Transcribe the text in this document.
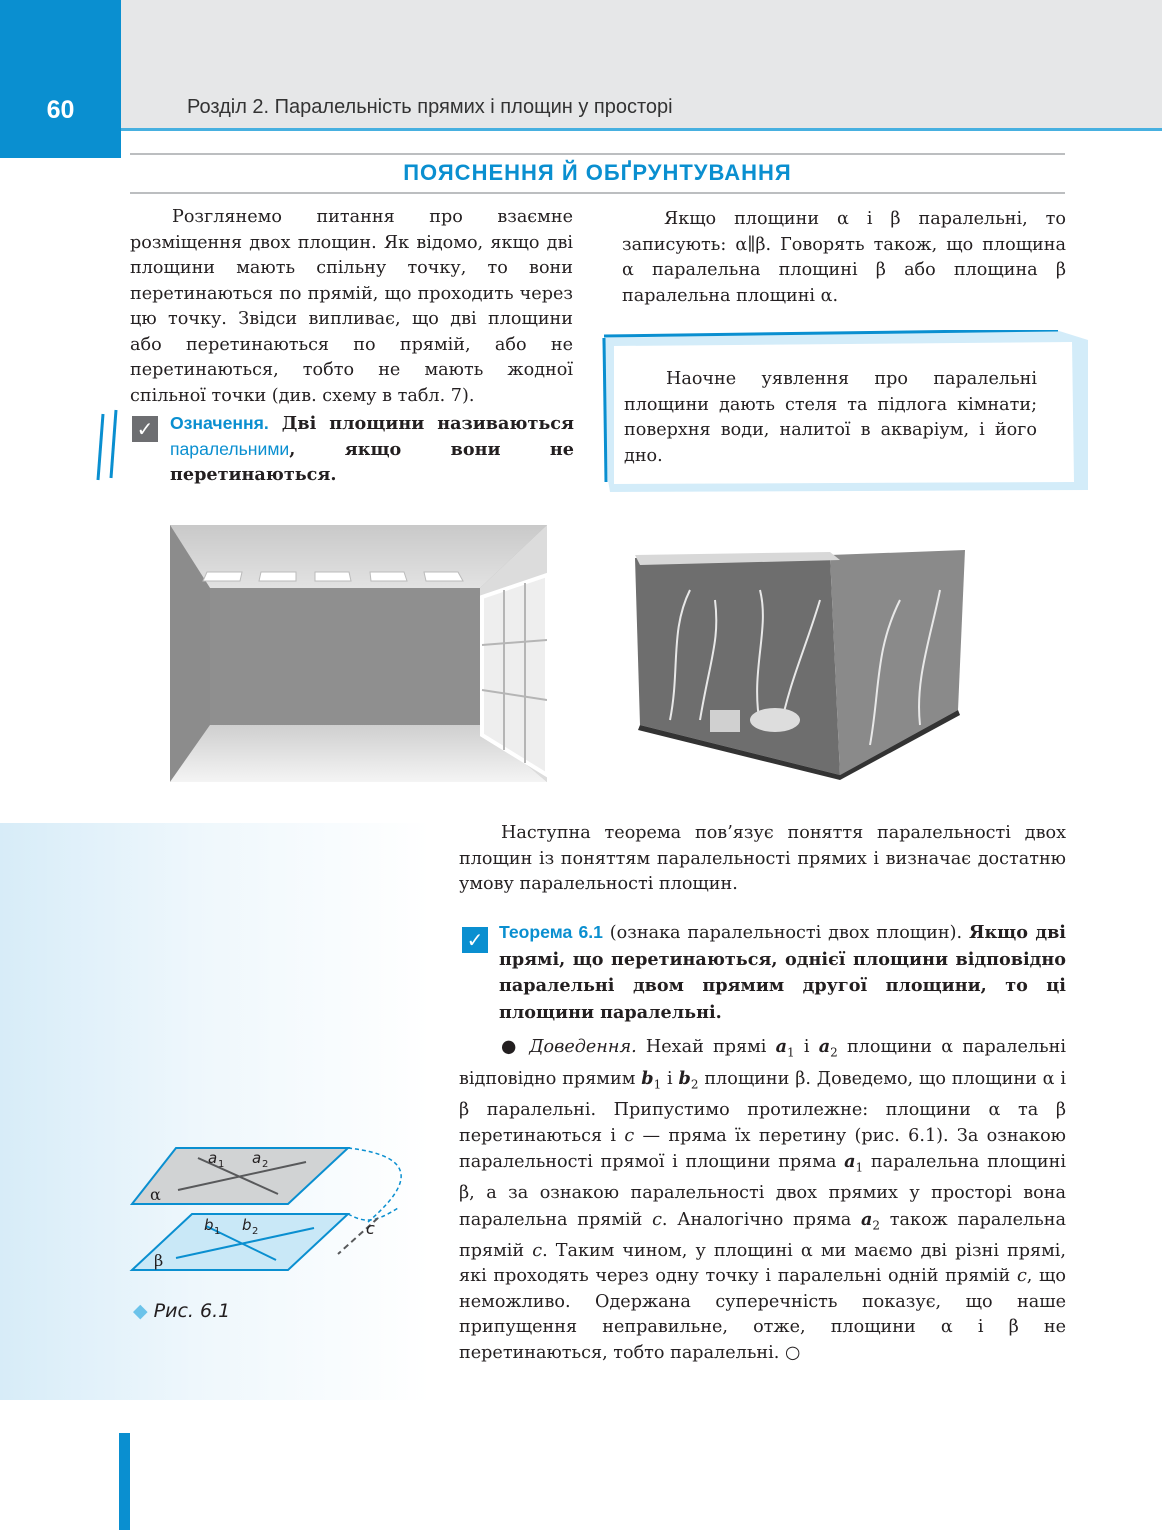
60	Розділ 2. Паралельність прямих і площин у просторі
ПОЯСНЕННЯ Й ОБҐРУНТУВАННЯ
Розглянемо питання про взаємне розміщення двох площин. Як відомо, якщо дві площини мають спільну точку, то вони перетинаються по прямій, що проходить через цю точку. Звідси випливає, що дві площини або перетинаються по прямій, або не перетинаються, тобто не мають жодної спільної точки (див. схему в табл. 7).
✓ Означення. Дві площини називаються паралельними, якщо вони не перетинаються.
Якщо площини α і β паралельні, то записують: α∥β. Говорять також, що площина α паралельна площині β або площина β паралельна площині α.
Наочне уявлення про паралельні площини дають стеля та підлога кімнати; поверхня води, налитої в акваріум, і його дно.
Наступна теорема пов’язує поняття паралельності двох площин із поняттям паралельності прямих і визначає достатню умову паралельності площин.
✓ Теорема 6.1 (ознака паралельності двох площин). Якщо дві прямі, що перетинаються, однієї площини відповідно паралельні двом прямим другої площини, то ці площини паралельні.
● Доведення. Нехай прямі $a_1$ і $a_2$ площини α паралельні відповідно прямим $b_1$ і $b_2$ площини β. Доведемо, що площини α і β паралельні. Припустимо протилежне: площини α та β перетинаються і c — пряма їх перетину (рис. 6.1). За ознакою паралельності прямої і площини пряма $a_1$ паралельна площині β, а за ознакою паралельності двох прямих у просторі вона паралельна прямій c. Аналогічно пряма $a_2$ також паралельна прямій c. Таким чином, у площині α ми маємо дві різні прямі, які проходять через одну точку і паралельні одній прямій c, що неможливо. Одержана суперечність показує, що наше припущення неправильне, отже, площини α і β не перетинаються, тобто паралельні. ○
α
β
a 1 a 2
b 1 b 2	c
◆ Рис. 6.1
